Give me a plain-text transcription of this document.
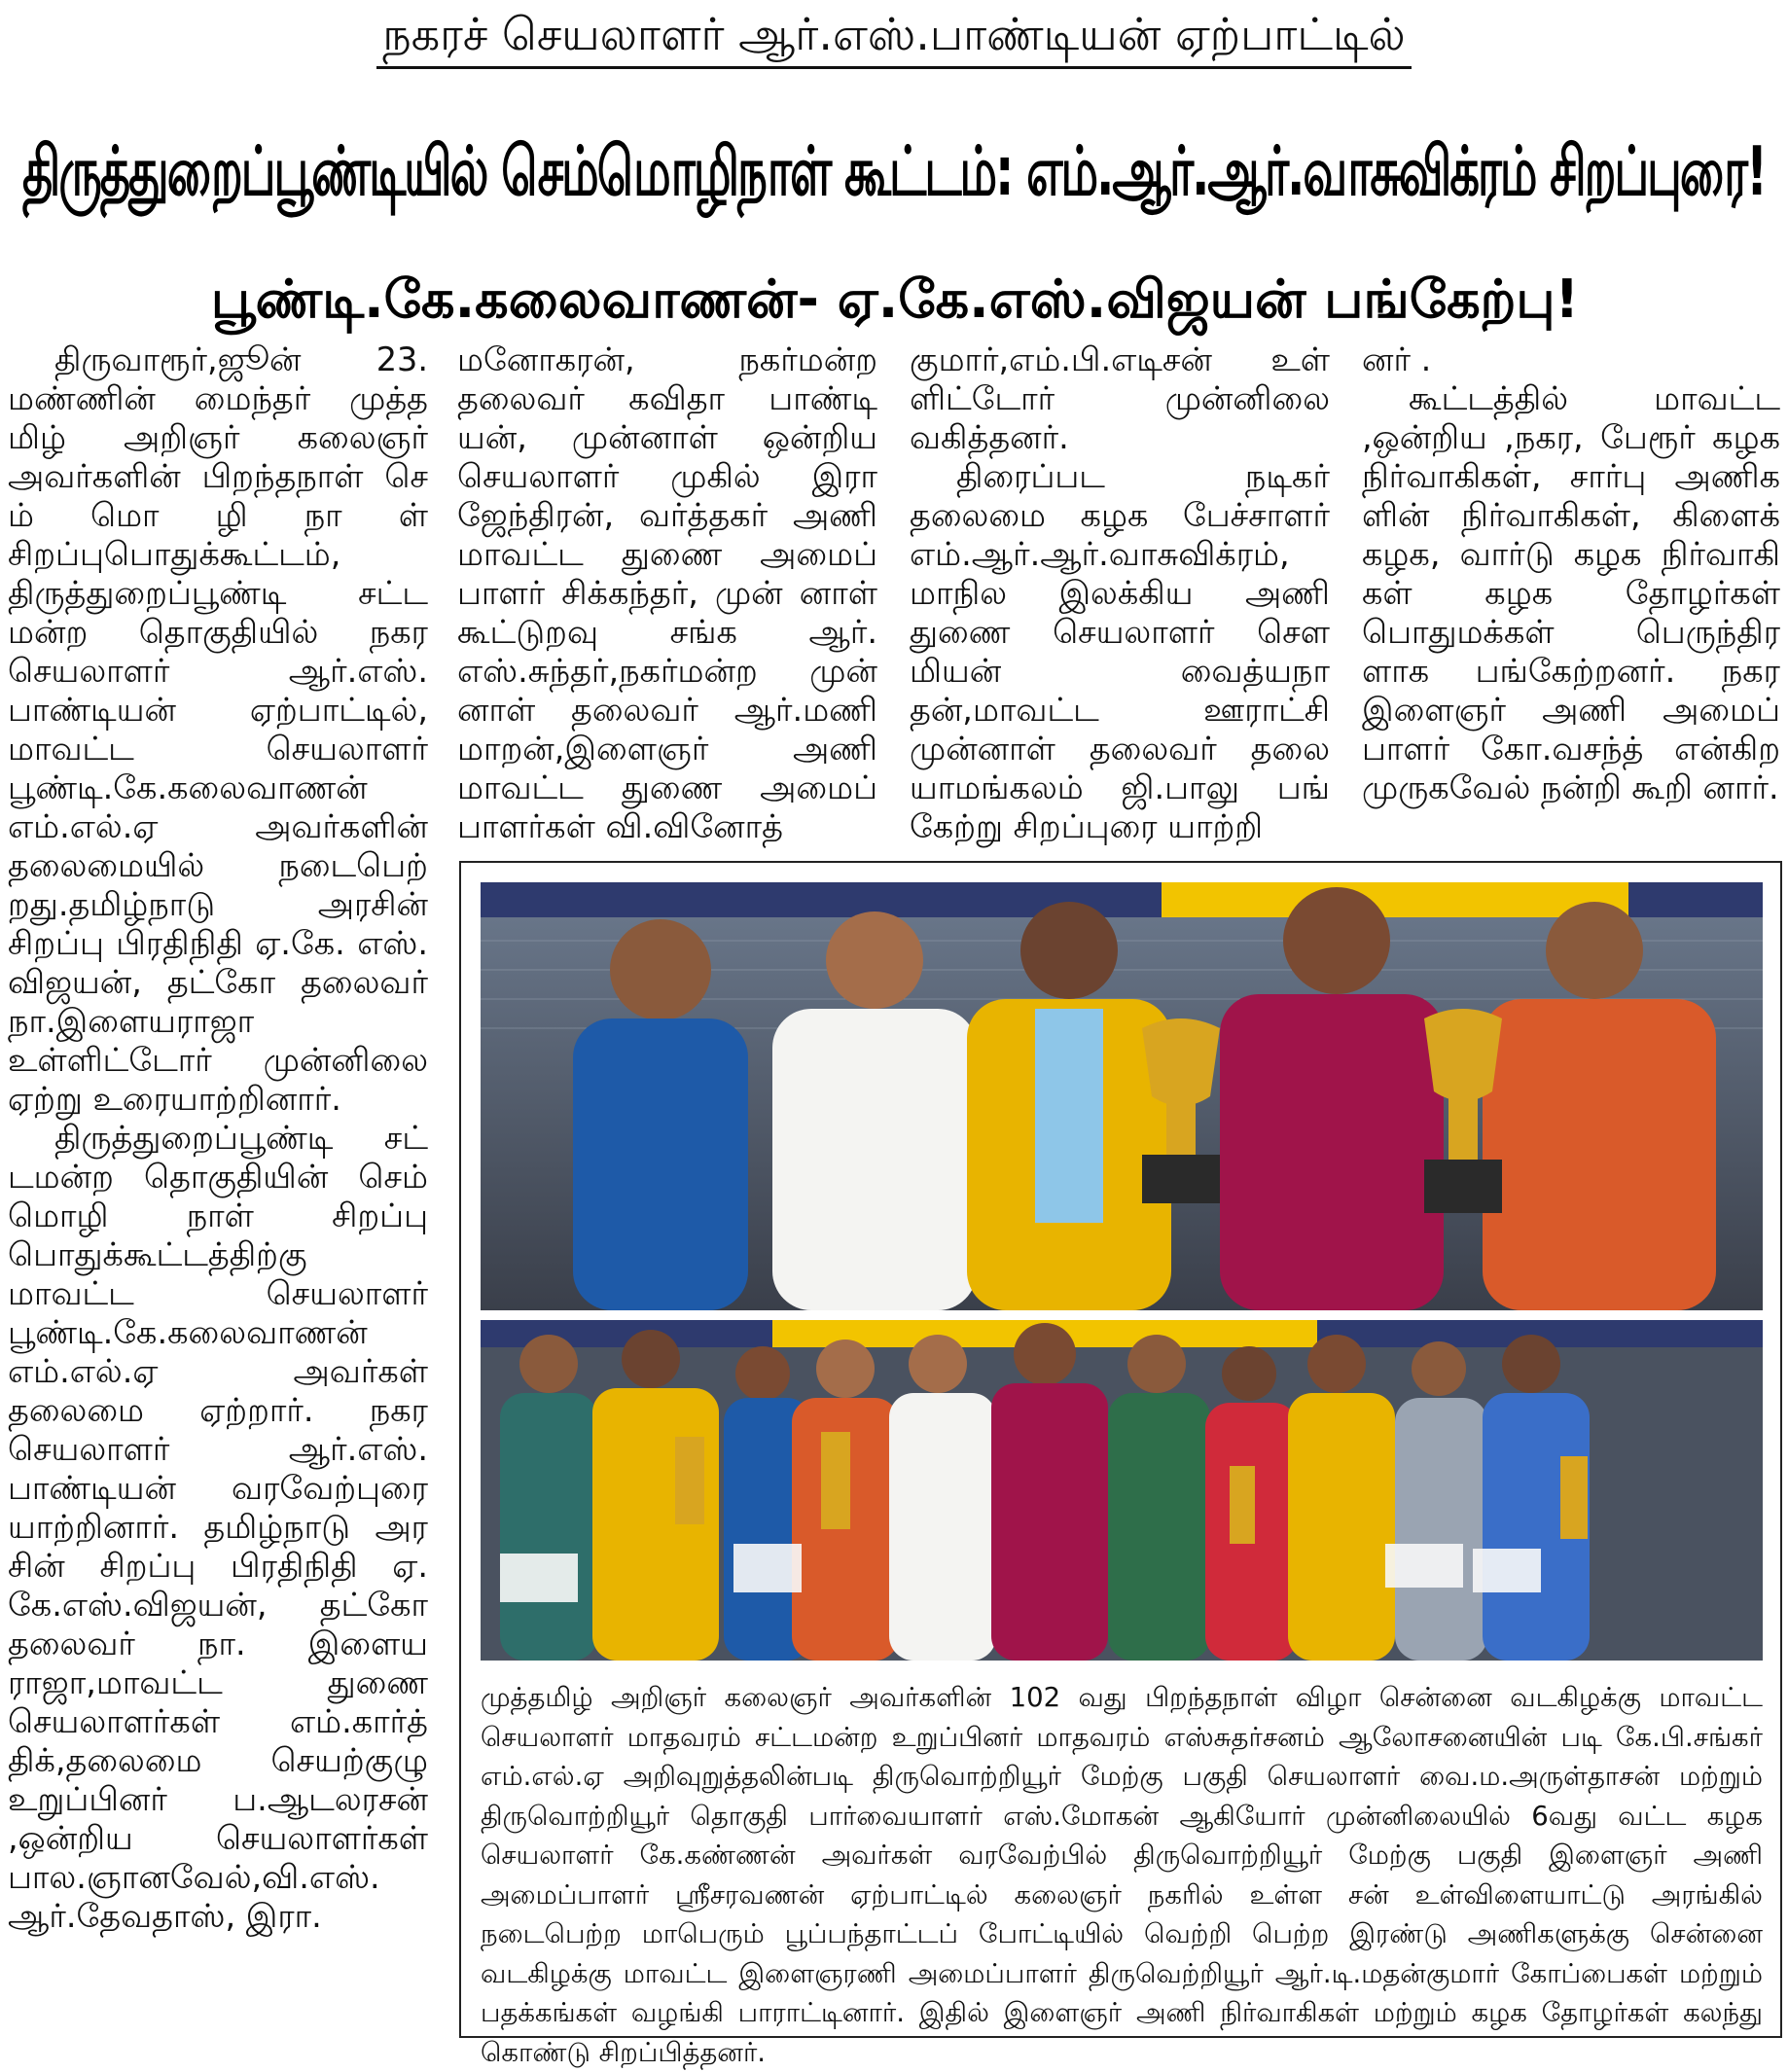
நகரச் செயலாளர் ஆர்.எஸ்.பாண்டியன் ஏற்பாட்டில்
திருத்துறைப்பூண்டியில் செம்மொழிநாள் கூட்டம்: எம்.ஆர்.ஆர்.வாசுவிக்ரம் சிறப்புரை!
பூண்டி.கே.கலைவாணன்- ஏ.கே.எஸ்.விஜயன் பங்கேற்பு!

திருவாரூர்,ஜூன் 23. மண்ணின் மைந்தர் முத்த மிழ் அறிஞர் கலைஞர் அவர்களின் பிறந்தநாள் செ ம் மொ ழி நா ள் சிறப்புபொதுக்கூட்டம், திருத்துறைப்பூண்டி சட்ட மன்ற தொகுதியில் நகர செயலாளர் ஆர்.எஸ். பாண்டியன் ஏற்பாட்டில், மாவட்ட செயலாளர் பூண்டி.கே.கலைவாணன் எம்.எல்.ஏ அவர்களின் தலைமையில் நடைபெற் றது.தமிழ்நாடு அரசின் சிறப்பு பிரதிநிதி ஏ.கே. எஸ். விஜயன், தட்கோ தலைவர் நா.இளையராஜா உள்ளிட்டோர் முன்னிலை ஏற்று உரையாற்றினார்.

திருத்துறைப்பூண்டி சட் டமன்ற தொகுதியின் செம் மொழி நாள் சிறப்பு பொதுக்கூட்டத்திற்கு மாவட்ட செயலாளர் பூண்டி.கே.கலைவாணன் எம்.எல்.ஏ அவர்கள் தலைமை ஏற்றார். நகர செயலாளர் ஆர்.எஸ். பாண்டியன் வரவேற்புரை யாற்றினார். தமிழ்நாடு அர சின் சிறப்பு பிரதிநிதி ஏ. கே.எஸ்.விஜயன், தட்கோ தலைவர் நா. இளைய ராஜா,மாவட்ட துணை செயலாளர்கள் எம்.கார்த் திக்,தலைமை செயற்குழு உறுப்பினர் ப.ஆடலரசன் ,ஒன்றிய செயலாளர்கள் பால.ஞானவேல்,வி.எஸ். ஆர்.தேவதாஸ், இரா.

மனோகரன், நகர்மன்ற தலைவர் கவிதா பாண்டி யன், முன்னாள் ஒன்றிய செயலாளர் முகில் இரா ஜேந்திரன், வர்த்தகர் அணி மாவட்ட துணை அமைப் பாளர் சிக்கந்தர், முன் னாள் கூட்டுறவு சங்க ஆர். எஸ்.சுந்தர்,நகர்மன்ற முன் னாள் தலைவர் ஆர்.மணி மாறன்,இளைஞர் அணி மாவட்ட துணை அமைப் பாளர்கள் வி.வினோத்

குமார்,எம்.பி.எடிசன் உள் ளிட்டோர் முன்னிலை வகித்தனர்.

திரைப்பட நடிகர் தலைமை கழக பேச்சாளர் எம்.ஆர்.ஆர்.வாசுவிக்ரம், மாநில இலக்கிய அணி துணை செயலாளர் செள மியன் வைத்யநா தன்,மாவட்ட ஊராட்சி முன்னாள் தலைவர் தலை யாமங்கலம் ஜி.பாலு பங் கேற்று சிறப்புரை யாற்றி

னர் .

கூட்டத்தில் மாவட்ட ,ஒன்றிய ,நகர, பேரூர் கழக நிர்வாகிகள், சார்பு அணிக ளின் நிர்வாகிகள், கிளைக் கழக, வார்டு கழக நிர்வாகி கள் கழக தோழர்கள் பொதுமக்கள் பெருந்திர ளாக பங்கேற்றனர். நகர இளைஞர் அணி அமைப் பாளர் கோ.வசந்த் என்கிற முருகவேல் நன்றி கூறி னார்.

முத்தமிழ் அறிஞர் கலைஞர் அவர்களின் 102 வது பிறந்தநாள் விழா சென்னை வடகிழக்கு மாவட்ட செயலாளர் மாதவரம் சட்டமன்ற உறுப்பினர் மாதவரம் எஸ்சுதர்சனம் ஆலோசனையின் படி கே.பி.சங்கர் எம்.எல்.ஏ அறிவுறுத்தலின்படி திருவொற்றியூர் மேற்கு பகுதி செயலாளர் வை.ம.அருள்தாசன் மற்றும் திருவொற்றியூர் தொகுதி பார்வையாளர் எஸ்.மோகன் ஆகியோர் முன்னிலையில் 6வது வட்ட கழக செயலாளர் கே.கண்ணன் அவர்கள் வரவேற்பில் திருவொற்றியூர் மேற்கு பகுதி இளைஞர் அணி அமைப்பாளர் ஸ்ரீசரவணன் ஏற்பாட்டில் கலைஞர் நகரில் உள்ள சன் உள்விளையாட்டு அரங்கில் நடைபெற்ற மாபெரும் பூப்பந்தாட்டப் போட்டியில் வெற்றி பெற்ற இரண்டு அணிகளுக்கு சென்னை வடகிழக்கு மாவட்ட இளைஞரணி அமைப்பாளர் திருவெற்றியூர் ஆர்.டி.மதன்குமார் கோப்பைகள் மற்றும் பதக்கங்கள் வழங்கி பாராட்டினார். இதில் இளைஞர் அணி நிர்வாகிகள் மற்றும் கழக தோழர்கள் கலந்து கொண்டு சிறப்பித்தனர்.
